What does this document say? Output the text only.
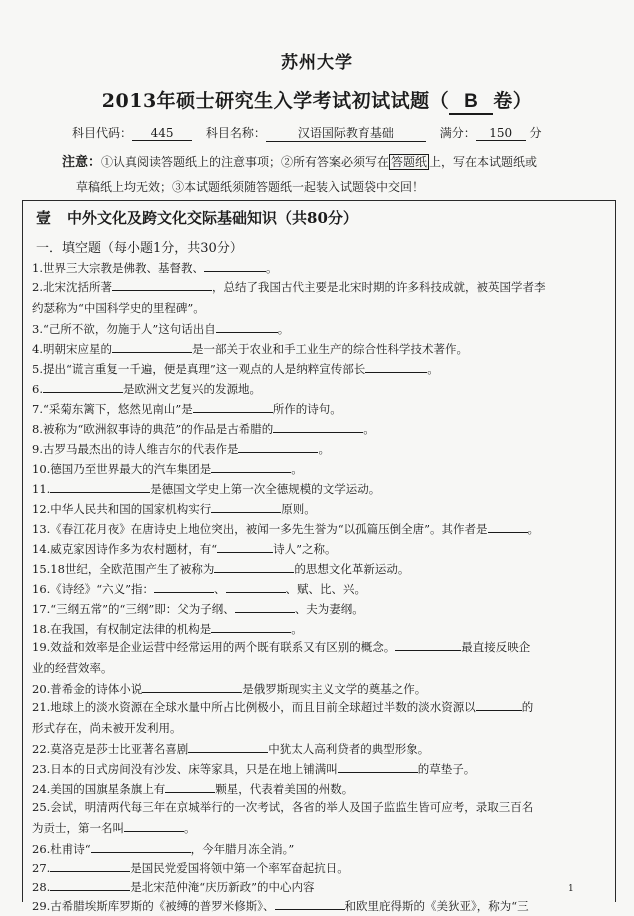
苏州大学
2013年硕士研究生入学考试初试试题（ B 卷）
科目代码： 445	科目名称：	汉语国际教育基础	满分： 150 分
注意：①认真阅读答题纸上的注意事项；②所有答案必须写在 答题纸 上，写在本试题纸或
草稿纸上均无效；③本试题纸须随答题纸一起装入试题袋中交回！
壹 中外文化及跨文化交际基础知识（共80分）
一．填空题（每小题1分，共30分）
1.世界三大宗教是佛教、基督教、	。
2.北宋沈括所著	，总结了我国古代主要是北宋时期的许多科技成就，被英国学者李
约瑟称为“中国科学史的里程碑”。
3.“己所不欲，勿施于人”这句话出自	。
4.明朝宋应星的	是一部关于农业和手工业生产的综合性科学技术著作。
5.提出“谎言重复一千遍，便是真理”这一观点的人是纳粹宣传部长	。
6.	是欧洲文艺复兴的发源地。
7.“采菊东篱下，悠然见南山”是	所作的诗句。
8.被称为“欧洲叙事诗的典范”的作品是古希腊的	。
9.古罗马最杰出的诗人维吉尔的代表作是	。
10.德国乃至世界最大的汽车集团是	。
11.	是德国文学史上第一次全德规模的文学运动。
12.中华人民共和国的国家机构实行	原则。
13.《春江花月夜》在唐诗史上地位突出，被闻一多先生誉为“以孤篇压倒全唐”。其作者是	。
14.威克家因诗作多为农村题材，有“	诗人”之称。
15.18世纪，全欧范围产生了被称为	的思想文化革新运动。
16.《诗经》“六义”指：	、	、赋、比、兴。
17.“三纲五常”的“三纲”即：父为子纲、	、夫为妻纲。
18.在我国，有权制定法律的机构是	。
19.效益和效率是企业运营中经常运用的两个既有联系又有区别的概念。	最直接反映企
业的经营效率。
20.普希金的诗体小说	是俄罗斯现实主义文学的奠基之作。
21.地球上的淡水资源在全球水量中所占比例极小，而且目前全球超过半数的淡水资源以	的
形式存在，尚未被开发利用。
22.莫洛克是莎士比亚著名喜剧	中犹太人高利贷者的典型形象。
23.日本的日式房间没有沙发、床等家具，只是在地上铺满叫	的草垫子。
24.美国的国旗星条旗上有	颗星，代表着美国的州数。
25.会试，明清两代每三年在京城举行的一次考试，各省的举人及国子监监生皆可应考，录取三百名
为贡士，第一名叫	。
26.杜甫诗“	，今年腊月冻全消。”
27.	是国民党爱国将领中第一个率军奋起抗日。
28.	是北宋范仲淹“庆历新政”的中心内容
29.古希腊埃斯库罗斯的《被缚的普罗米修斯》、	和欧里庇得斯的《美狄亚》，称为“三
1
